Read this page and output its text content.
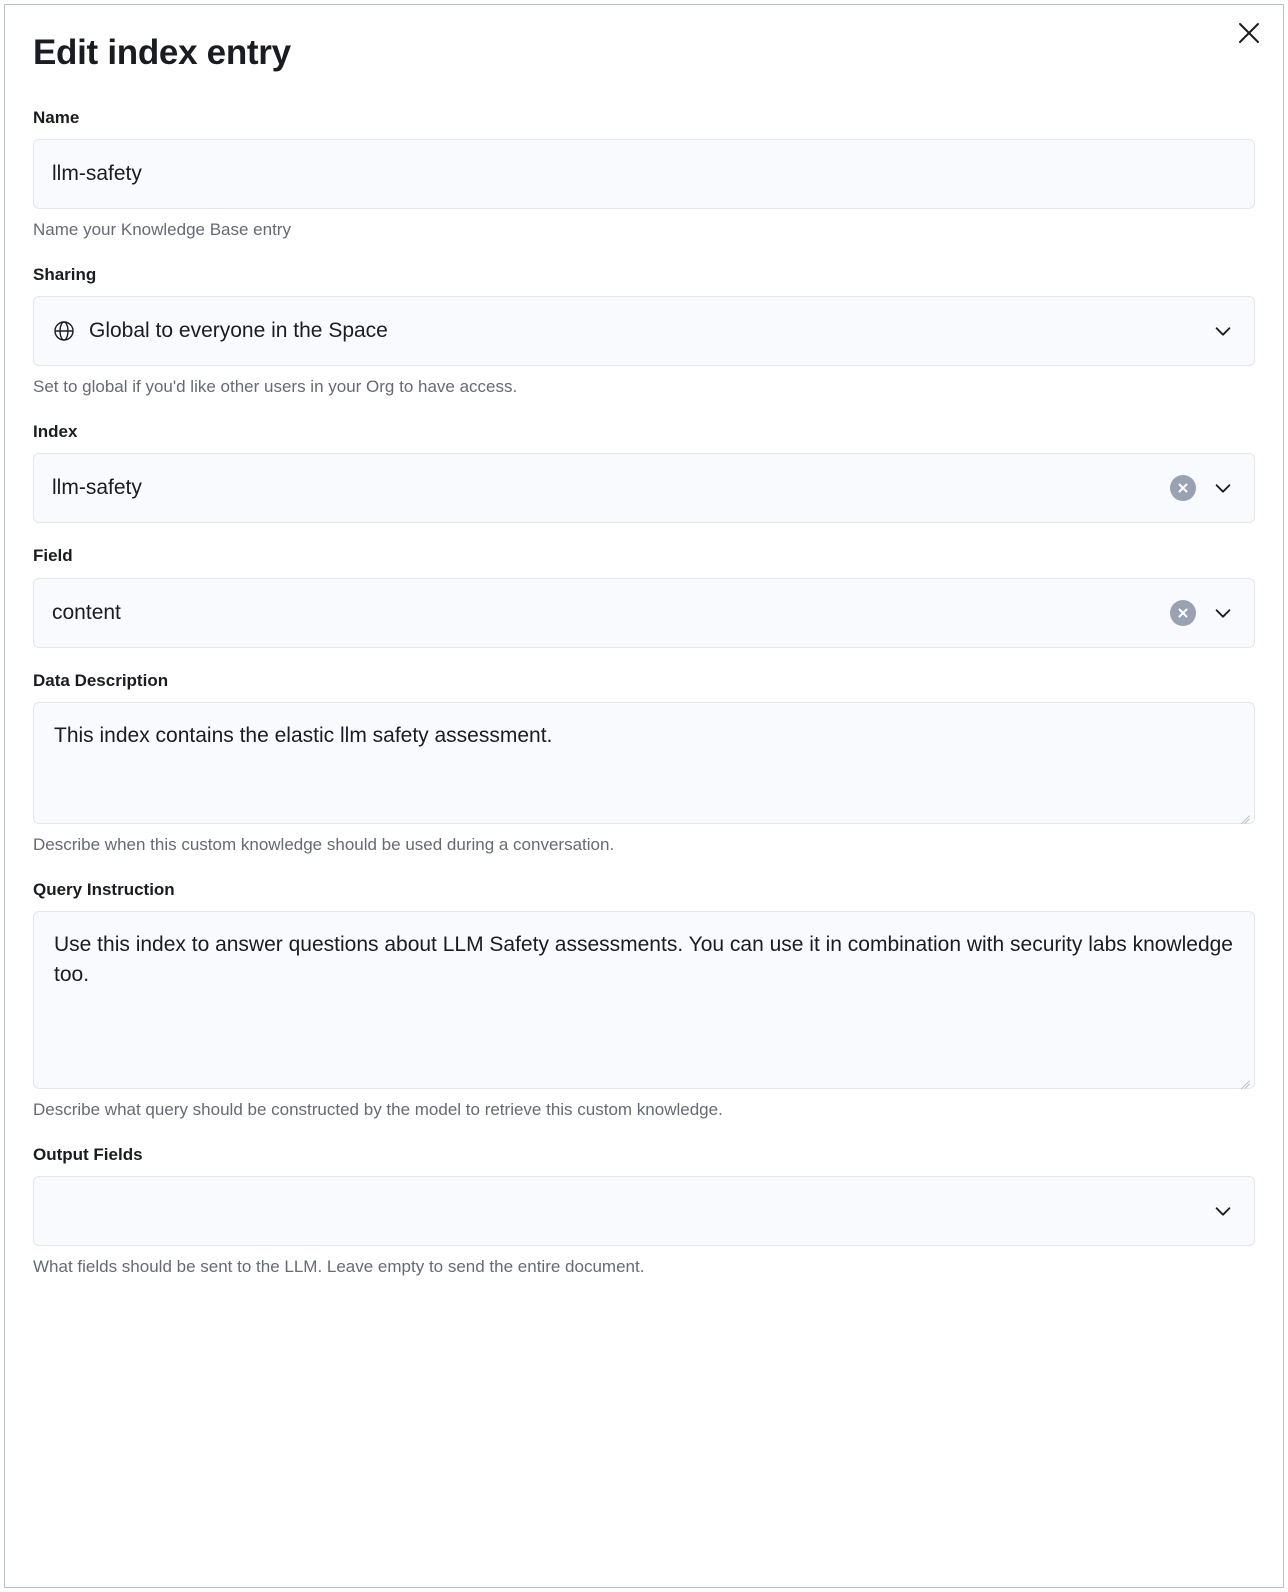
Edit index entry
Name
llm-safety
Name your Knowledge Base entry
Sharing
Global to everyone in the Space
Set to global if you'd like other users in your Org to have access.
Index
llm-safety
Field
content
Data Description
This index contains the elastic llm safety assessment.
Describe when this custom knowledge should be used during a conversation.
Query Instruction
Use this index to answer questions about LLM Safety assessments. You can use it in combination with security labs knowledge too.
Describe what query should be constructed by the model to retrieve this custom knowledge.
Output Fields
What fields should be sent to the LLM. Leave empty to send the entire document.
